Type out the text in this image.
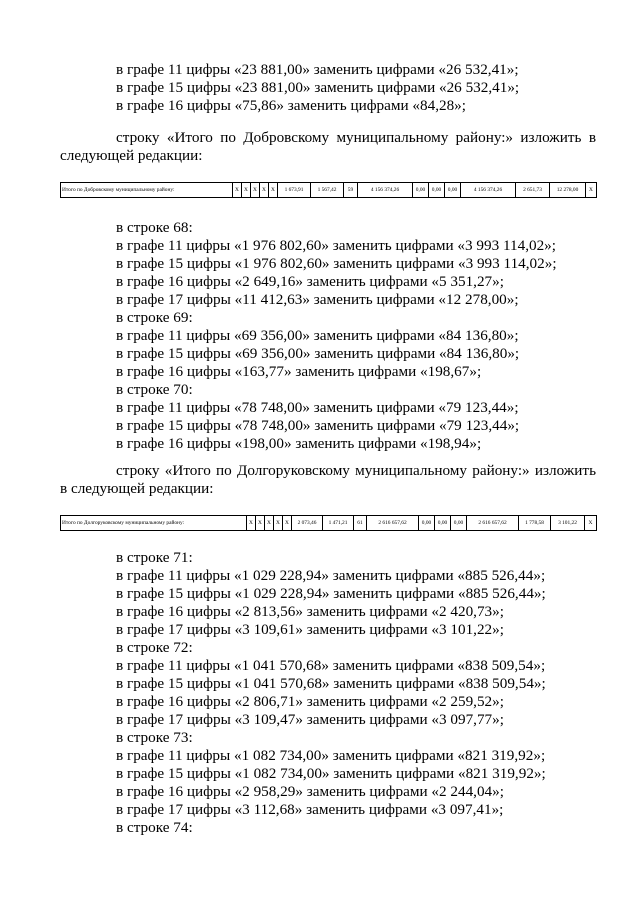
в графе 11 цифры «23 881,00» заменить цифрами «26 532,41»;
в графе 15 цифры «23 881,00» заменить цифрами «26 532,41»;
в графе 16 цифры «75,86» заменить цифрами «84,28»;
строку «Итого по Добровскому муниципальному району:» изложить в следующей редакции:
Итого по Добровскому муниципальному району:	X	X	X	X	X	1 673,91	1 567,42	59	4 156 374,26	0,00	0,00	0,00	4 156 374,26	2 651,73	12 278,00	X
в строке 68:
в графе 11 цифры «1 976 802,60» заменить цифрами «3 993 114,02»;
в графе 15 цифры «1 976 802,60» заменить цифрами «3 993 114,02»;
в графе 16 цифры «2 649,16» заменить цифрами «5 351,27»;
в графе 17 цифры «11 412,63» заменить цифрами «12 278,00»;
в строке 69:
в графе 11 цифры «69 356,00» заменить цифрами «84 136,80»;
в графе 15 цифры «69 356,00» заменить цифрами «84 136,80»;
в графе 16 цифры «163,77» заменить цифрами «198,67»;
в строке 70:
в графе 11 цифры «78 748,00» заменить цифрами «79 123,44»;
в графе 15 цифры «78 748,00» заменить цифрами «79 123,44»;
в графе 16 цифры «198,00» заменить цифрами «198,94»;
строку «Итого по Долгоруковскому муниципальному району:» изложить в следующей редакции:
Итого по Долгоруковскому муниципальному району:	X	X	X	X	X	2 073,46	1 471,21	61	2 616 657,62	0,00	0,00	0,00	2 616 657,62	1 778,58	3 101,22	X
в строке 71:
в графе 11 цифры «1 029 228,94» заменить цифрами «885 526,44»;
в графе 15 цифры «1 029 228,94» заменить цифрами «885 526,44»;
в графе 16 цифры «2 813,56» заменить цифрами «2 420,73»;
в графе 17 цифры «3 109,61» заменить цифрами «3 101,22»;
в строке 72:
в графе 11 цифры «1 041 570,68» заменить цифрами «838 509,54»;
в графе 15 цифры «1 041 570,68» заменить цифрами «838 509,54»;
в графе 16 цифры «2 806,71» заменить цифрами «2 259,52»;
в графе 17 цифры «3 109,47» заменить цифрами «3 097,77»;
в строке 73:
в графе 11 цифры «1 082 734,00» заменить цифрами «821 319,92»;
в графе 15 цифры «1 082 734,00» заменить цифрами «821 319,92»;
в графе 16 цифры «2 958,29» заменить цифрами «2 244,04»;
в графе 17 цифры «3 112,68» заменить цифрами «3 097,41»;
в строке 74:
